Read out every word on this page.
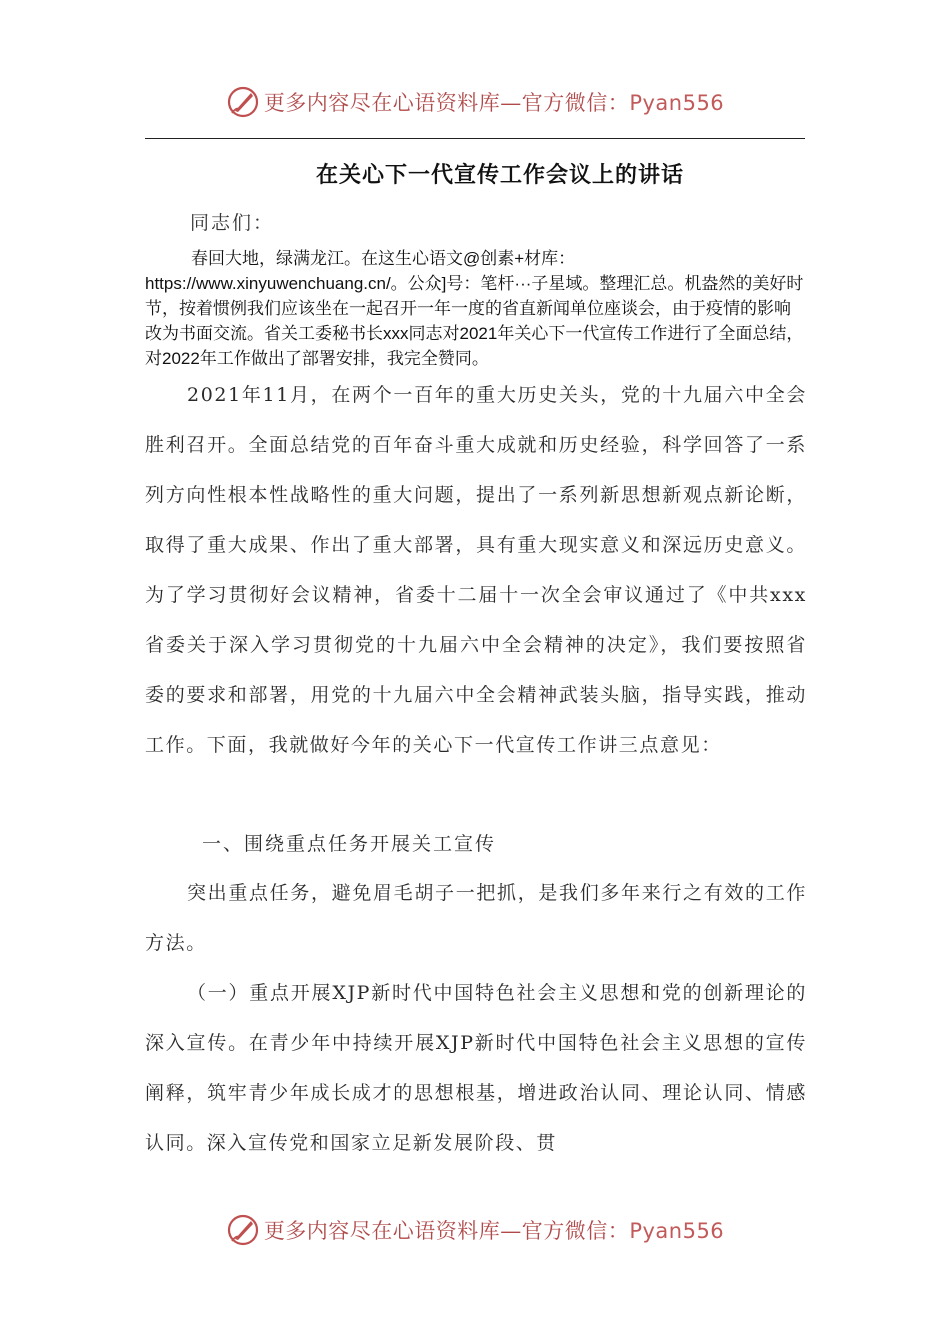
更多内容尽在心语资料库—官方微信：Pyan556
在关心下一代宣传工作会议上的讲话
同志们：
春回大地，绿满龙江。在这生心语文@创素+材库：https://www.xinyuwenchuang.cn/。公众]号：笔杆···子星域。整理汇总。机盎然的美好时节，按着惯例我们应该坐在一起召开一年一度的省直新闻单位座谈会，由于疫情的影响改为书面交流。省关工委秘书长xxx同志对2021年关心下一代宣传工作进行了全面总结，对2022年工作做出了部署安排，我完全赞同。
2021年11月，在两个一百年的重大历史关头，党的十九届六中全会胜利召开。全面总结党的百年奋斗重大成就和历史经验，科学回答了一系列方向性根本性战略性的重大问题，提出了一系列新思想新观点新论断，取得了重大成果、作出了重大部署，具有重大现实意义和深远历史意义。为了学习贯彻好会议精神，省委十二届十一次全会审议通过了《中共xxx省委关于深入学习贯彻党的十九届六中全会精神的决定》，我们要按照省委的要求和部署，用党的十九届六中全会精神武装头脑，指导实践，推动工作。下面，我就做好今年的关心下一代宣传工作讲三点意见：
一、围绕重点任务开展关工宣传
突出重点任务，避免眉毛胡子一把抓，是我们多年来行之有效的工作方法。
（一）重点开展XJP新时代中国特色社会主义思想和党的创新理论的深入宣传。在青少年中持续开展XJP新时代中国特色社会主义思想的宣传阐释，筑牢青少年成长成才的思想根基，增进政治认同、理论认同、情感认同。深入宣传党和国家立足新发展阶段、贯
更多内容尽在心语资料库—官方微信：Pyan556
